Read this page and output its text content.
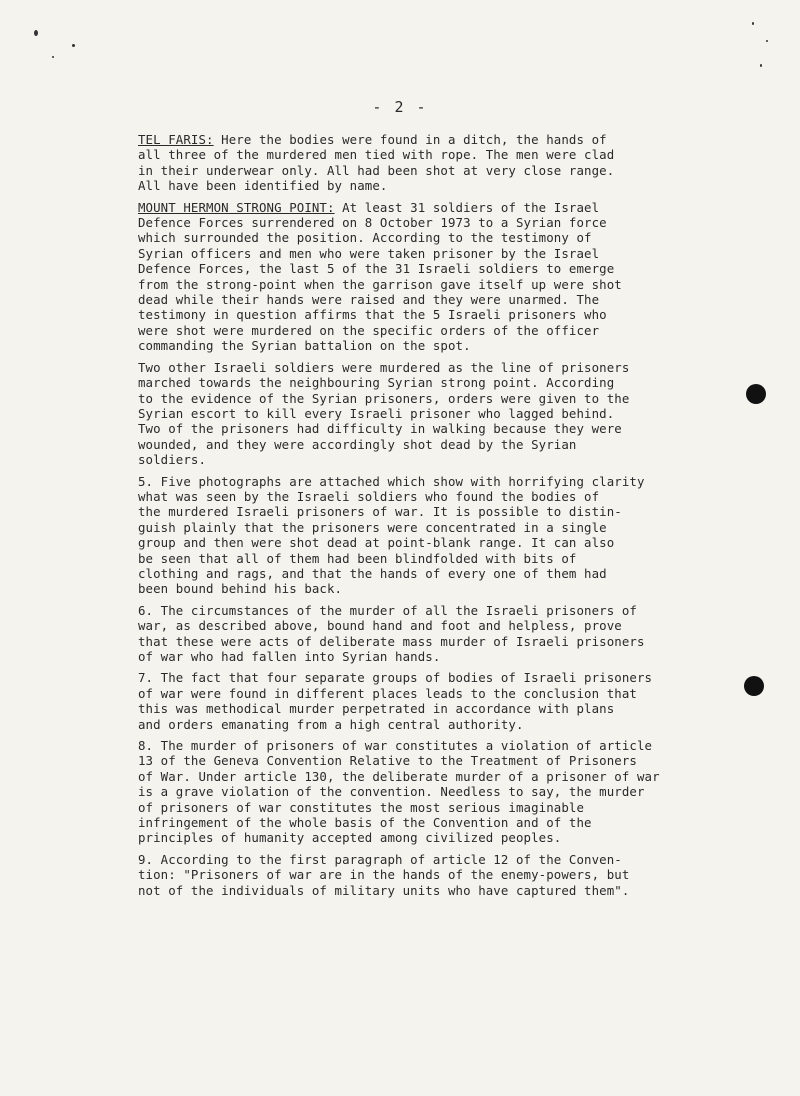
- 2 -
TEL FARIS: Here the bodies were found in a ditch, the hands of
all three of the murdered men tied with rope. The men were clad
in their underwear only. All had been shot at very close range.
All have been identified by name.
MOUNT HERMON STRONG POINT: At least 31 soldiers of the Israel
Defence Forces surrendered on 8 October 1973 to a Syrian force
which surrounded the position. According to the testimony of
Syrian officers and men who were taken prisoner by the Israel
Defence Forces, the last 5 of the 31 Israeli soldiers to emerge
from the strong-point when the garrison gave itself up were shot
dead while their hands were raised and they were unarmed. The
testimony in question affirms that the 5 Israeli prisoners who
were shot were murdered on the specific orders of the officer
commanding the Syrian battalion on the spot.
Two other Israeli soldiers were murdered as the line of prisoners
marched towards the neighbouring Syrian strong point. According
to the evidence of the Syrian prisoners, orders were given to the
Syrian escort to kill every Israeli prisoner who lagged behind.
Two of the prisoners had difficulty in walking because they were
wounded, and they were accordingly shot dead by the Syrian
soldiers.
5. Five photographs are attached which show with horrifying clarity
what was seen by the Israeli soldiers who found the bodies of
the murdered Israeli prisoners of war. It is possible to distin-
guish plainly that the prisoners were concentrated in a single
group and then were shot dead at point-blank range. It can also
be seen that all of them had been blindfolded with bits of
clothing and rags, and that the hands of every one of them had
been bound behind his back.
6. The circumstances of the murder of all the Israeli prisoners of
war, as described above, bound hand and foot and helpless, prove
that these were acts of deliberate mass murder of Israeli prisoners
of war who had fallen into Syrian hands.
7. The fact that four separate groups of bodies of Israeli prisoners
of war were found in different places leads to the conclusion that
this was methodical murder perpetrated in accordance with plans
and orders emanating from a high central authority.
8. The murder of prisoners of war constitutes a violation of article
13 of the Geneva Convention Relative to the Treatment of Prisoners
of War. Under article 130, the deliberate murder of a prisoner of war
is a grave violation of the convention. Needless to say, the murder
of prisoners of war constitutes the most serious imaginable
infringement of the whole basis of the Convention and of the
principles of humanity accepted among civilized peoples.
9. According to the first paragraph of article 12 of the Conven-
tion: "Prisoners of war are in the hands of the enemy-powers, but
not of the individuals of military units who have captured them".
